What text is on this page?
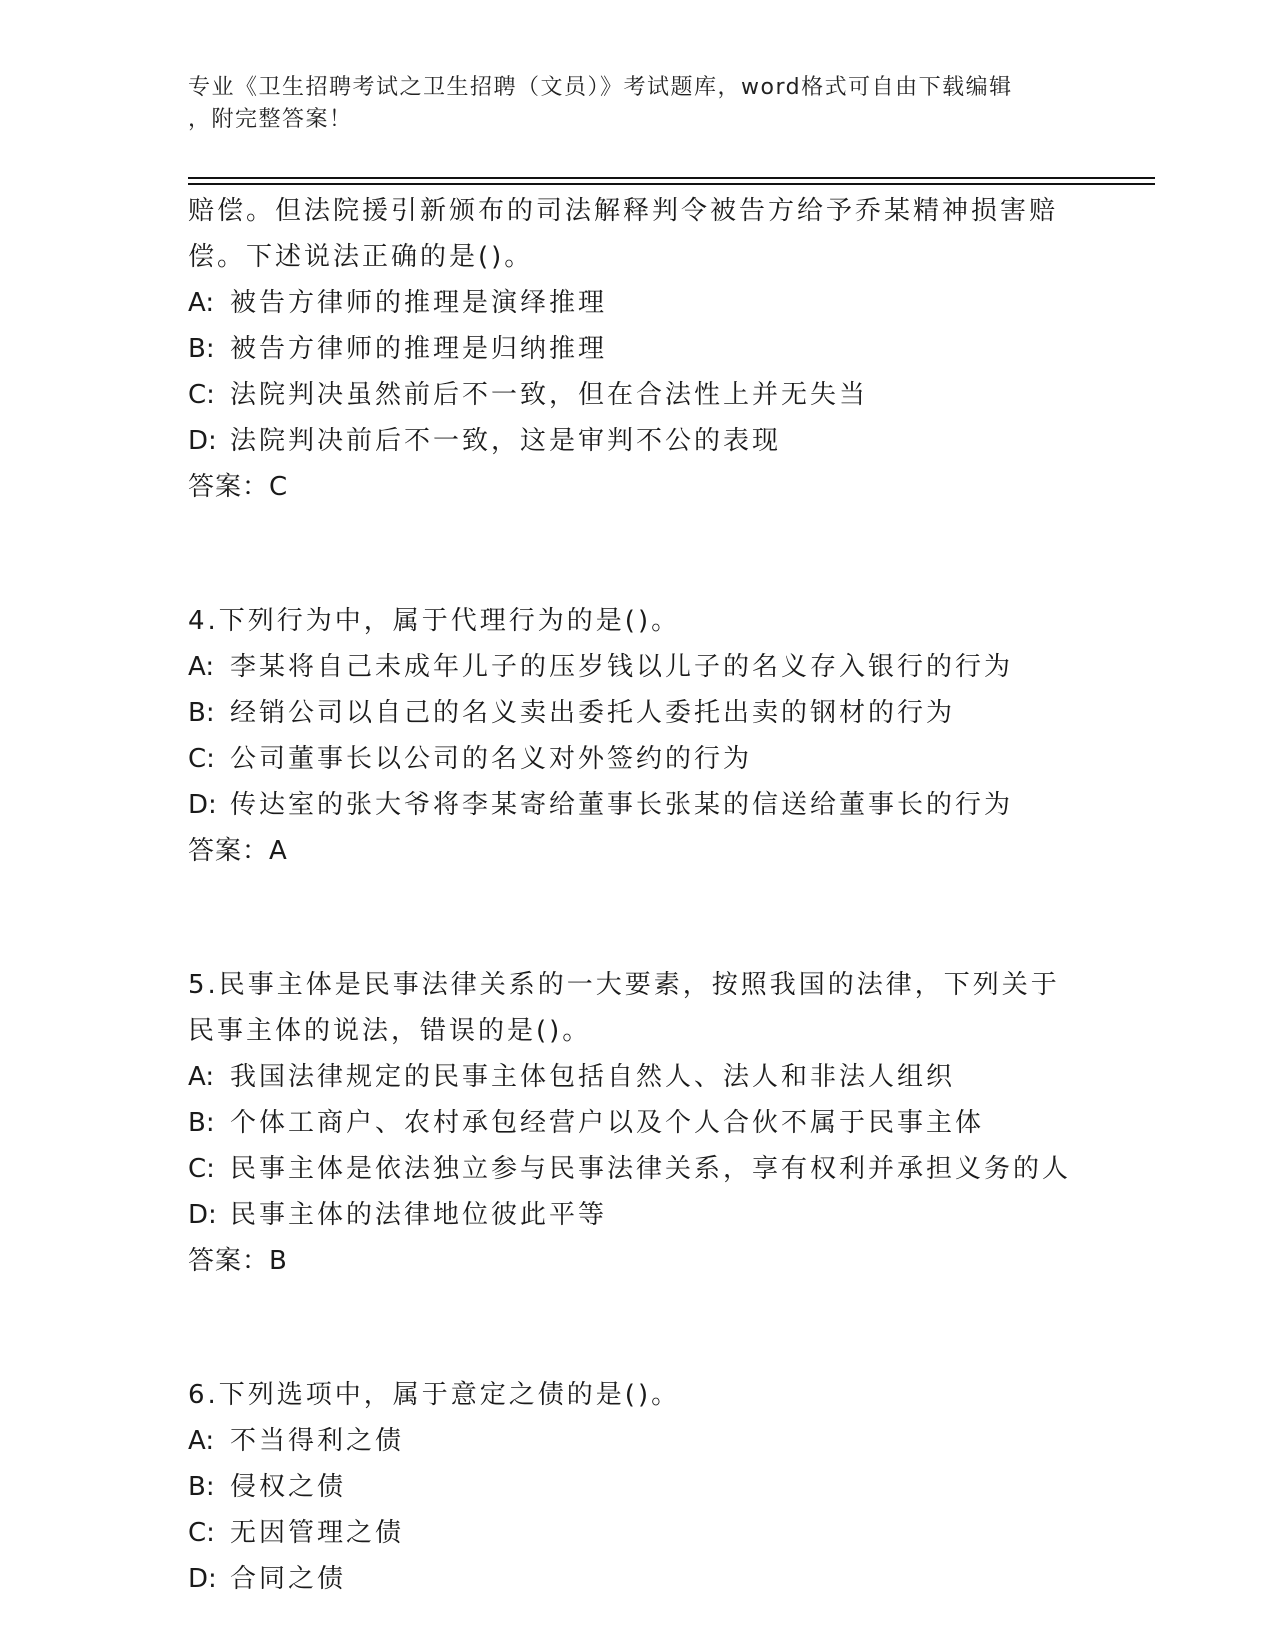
专业《卫生招聘考试之卫生招聘（文员）》考试题库，word格式可自由下载编辑
，附完整答案！
赔偿。但法院援引新颁布的司法解释判令被告方给予乔某精神损害赔
偿。下述说法正确的是()。
A: 被告方律师的推理是演绎推理
B: 被告方律师的推理是归纳推理
C: 法院判决虽然前后不一致，但在合法性上并无失当
D: 法院判决前后不一致，这是审判不公的表现
答案：C
4.下列行为中，属于代理行为的是()。
A: 李某将自己未成年儿子的压岁钱以儿子的名义存入银行的行为
B: 经销公司以自己的名义卖出委托人委托出卖的钢材的行为
C: 公司董事长以公司的名义对外签约的行为
D: 传达室的张大爷将李某寄给董事长张某的信送给董事长的行为
答案：A
5.民事主体是民事法律关系的一大要素，按照我国的法律，下列关于
民事主体的说法，错误的是()。
A: 我国法律规定的民事主体包括自然人、法人和非法人组织
B: 个体工商户、农村承包经营户以及个人合伙不属于民事主体
C: 民事主体是依法独立参与民事法律关系，享有权利并承担义务的人
D: 民事主体的法律地位彼此平等
答案：B
6.下列选项中，属于意定之债的是()。
A: 不当得利之债
B: 侵权之债
C: 无因管理之债
D: 合同之债
